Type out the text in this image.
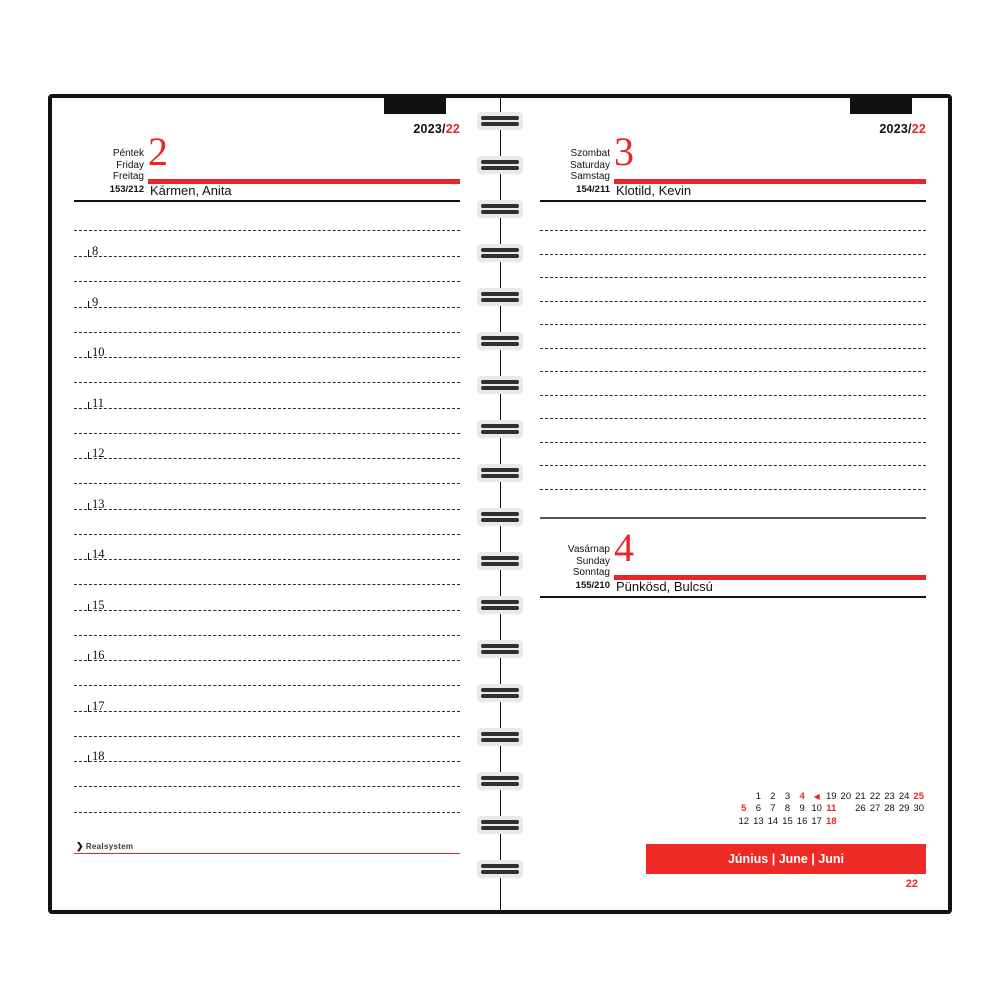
2023/22
Péntek
Friday
Freitag
153/212
2
Kármen, Anita
8
9
10
11
12
13
14
15
16
17
18
❯ Realsystem
2023/22
Szombat
Saturday
Samstag
154/211
3
Klotild, Kevin
Vasárnap
Sunday
Sonntag
155/210
4
Pünkösd, Bulcsú
	1	2	3	4	◀	19	20	21	22	23	24	25
5	6	7	8	9	10	11		26	27	28	29	30
12	13	14	15	16	17	18						
Június | June | Juni
22
